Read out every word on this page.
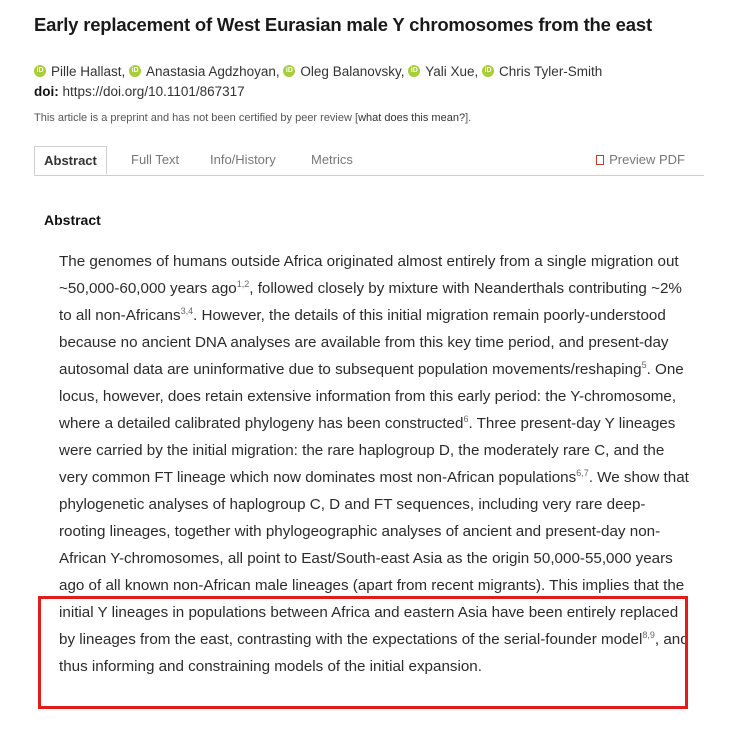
Early replacement of West Eurasian male Y chromosomes from the east
iD Pille Hallast,
iD Anastasia Agdzhoyan,
iD Oleg Balanovsky,
iD Yali Xue,
iD Chris Tyler-Smith
doi: https://doi.org/10.1101/867317
This article is a preprint and has not been certified by peer review [what does this mean?].
Abstract	Full Text Info/History	Metrics	Preview PDF
Abstract

The genomes of humans outside Africa originated almost entirely from a single migration out ~50,000-60,000 years ago$^{1,2}$, followed closely by mixture with Neanderthals contributing ~2% to all non-Africans$^{3,4}$. However, the details of this initial migration remain poorly-understood because no ancient DNA analyses are available from this key time period, and present-day autosomal data are uninformative due to subsequent population movements/reshaping$^5$. One locus, however, does retain extensive information from this early period: the Y-chromosome, where a detailed calibrated phylogeny has been constructed$^6$. Three present-day Y lineages were carried by the initial migration: the rare haplogroup D, the moderately rare C, and the very common FT lineage which now dominates most non-African populations$^{6,7}$. We show that phylogenetic analyses of haplogroup C, D and FT sequences, including very rare deep-rooting lineages, together with phylogeographic analyses of ancient and present-day non-African Y-chromosomes, all point to East/South-east Asia as the origin 50,000-55,000 years ago of all known non-African male lineages (apart from recent migrants). This implies that the initial Y lineages in populations between Africa and eastern Asia have been entirely replaced by lineages from the east, contrasting with the expectations of the serial-founder model$^{8,9}$, and thus informing and constraining models of the initial expansion.
